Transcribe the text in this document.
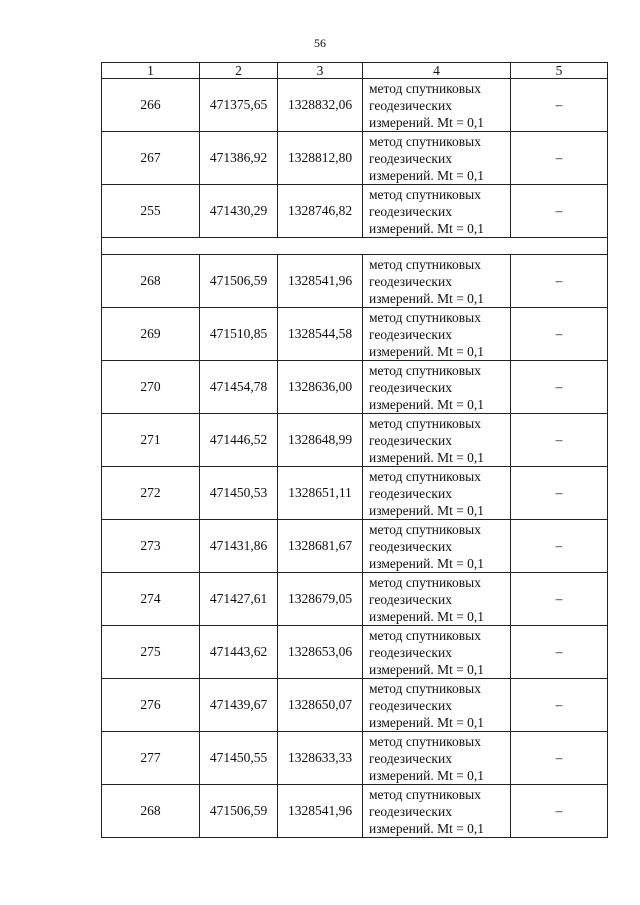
56
1	2	3	4	5
266	471375,65	1328832,06	метод спутниковых
геодезических
измерений. Mt = 0,1	–
267	471386,92	1328812,80	метод спутниковых
геодезических
измерений. Mt = 0,1	–
255	471430,29	1328746,82	метод спутниковых
геодезических
измерений. Mt = 0,1	–

268	471506,59	1328541,96	метод спутниковых
геодезических
измерений. Mt = 0,1	–
269	471510,85	1328544,58	метод спутниковых
геодезических
измерений. Mt = 0,1	–
270	471454,78	1328636,00	метод спутниковых
геодезических
измерений. Mt = 0,1	–
271	471446,52	1328648,99	метод спутниковых
геодезических
измерений. Mt = 0,1	–
272	471450,53	1328651,11	метод спутниковых
геодезических
измерений. Mt = 0,1	–
273	471431,86	1328681,67	метод спутниковых
геодезических
измерений. Mt = 0,1	–
274	471427,61	1328679,05	метод спутниковых
геодезических
измерений. Mt = 0,1	–
275	471443,62	1328653,06	метод спутниковых
геодезических
измерений. Mt = 0,1	–
276	471439,67	1328650,07	метод спутниковых
геодезических
измерений. Mt = 0,1	–
277	471450,55	1328633,33	метод спутниковых
геодезических
измерений. Mt = 0,1	–
268	471506,59	1328541,96	метод спутниковых
геодезических
измерений. Mt = 0,1	–
